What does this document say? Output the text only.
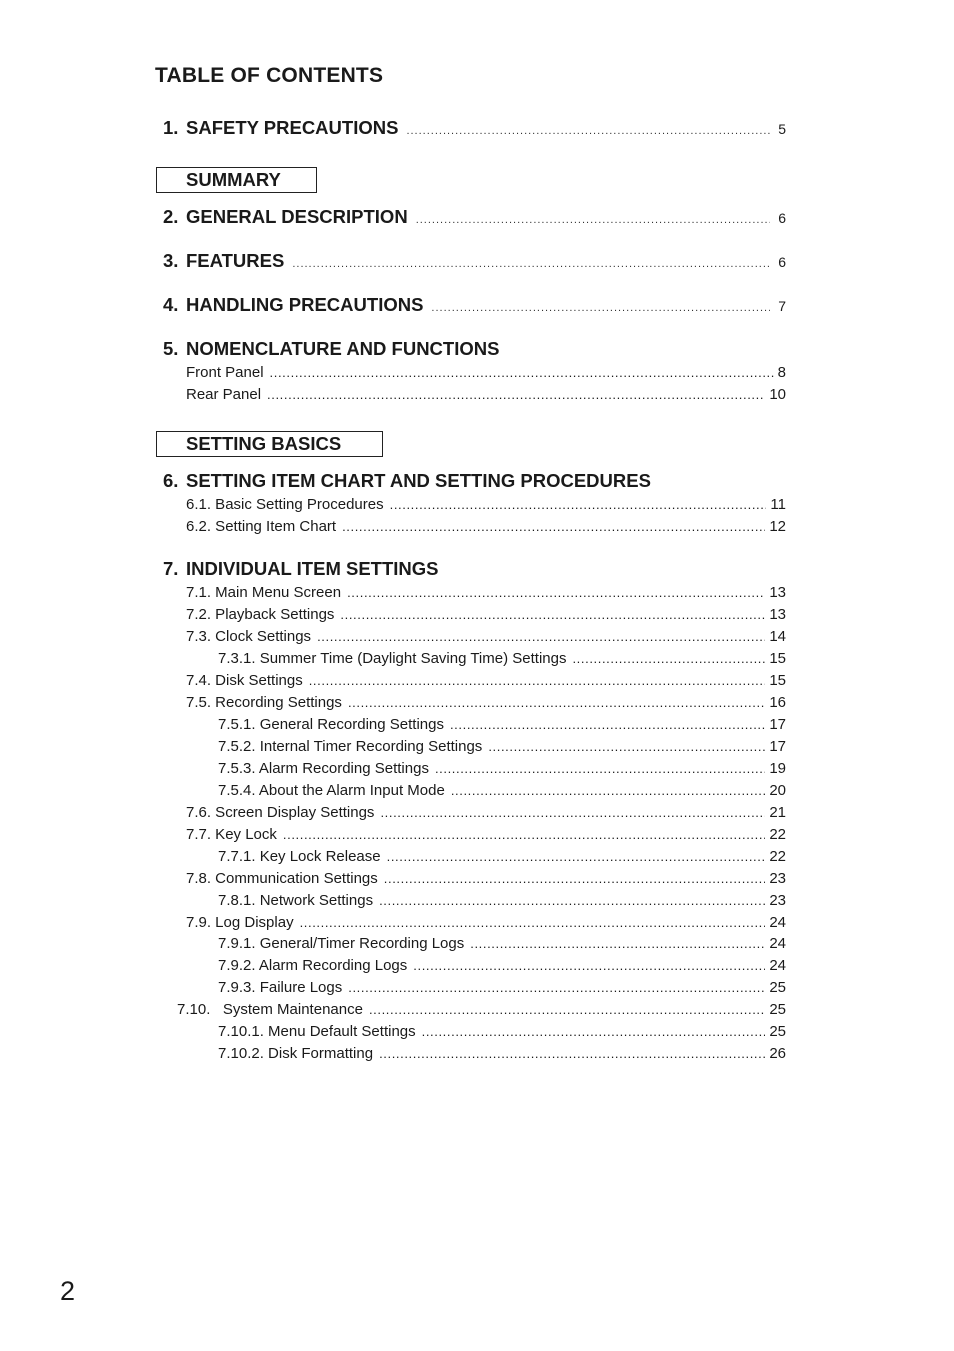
TABLE OF CONTENTS
1. SAFETY PRECAUTIONS .....	5
SUMMARY
2. GENERAL DESCRIPTION .....	6
3. FEATURES .....	6
4. HANDLING PRECAUTIONS .....	7
5. NOMENCLATURE AND FUNCTIONS
Front Panel .....	8
Rear Panel .....	10
SETTING BASICS
6. SETTING ITEM CHART AND SETTING PROCEDURES
6.1. Basic Setting Procedures .....	11
6.2. Setting Item Chart .....	12
7. INDIVIDUAL ITEM SETTINGS
7.1. Main Menu Screen .....	13
7.2. Playback Settings .....	13
7.3. Clock Settings .....	14
7.3.1. Summer Time (Daylight Saving Time) Settings .....	15
7.4. Disk Settings .....	15
7.5. Recording Settings .....	16
7.5.1. General Recording Settings .....	17
7.5.2. Internal Timer Recording Settings .....	17
7.5.3. Alarm Recording Settings .....	19
7.5.4. About the Alarm Input Mode .....	20
7.6. Screen Display Settings .....	21
7.7. Key Lock .....	22
7.7.1. Key Lock Release .....	22
7.8. Communication Settings .....	23
7.8.1. Network Settings .....	23
7.9. Log Display .....	24
7.9.1. General/Timer Recording Logs .....	24
7.9.2. Alarm Recording Logs .....	24
7.9.3. Failure Logs .....	25
7.10.   System Maintenance .....	25
7.10.1. Menu Default Settings .....	25
7.10.2. Disk Formatting .....	26
2
